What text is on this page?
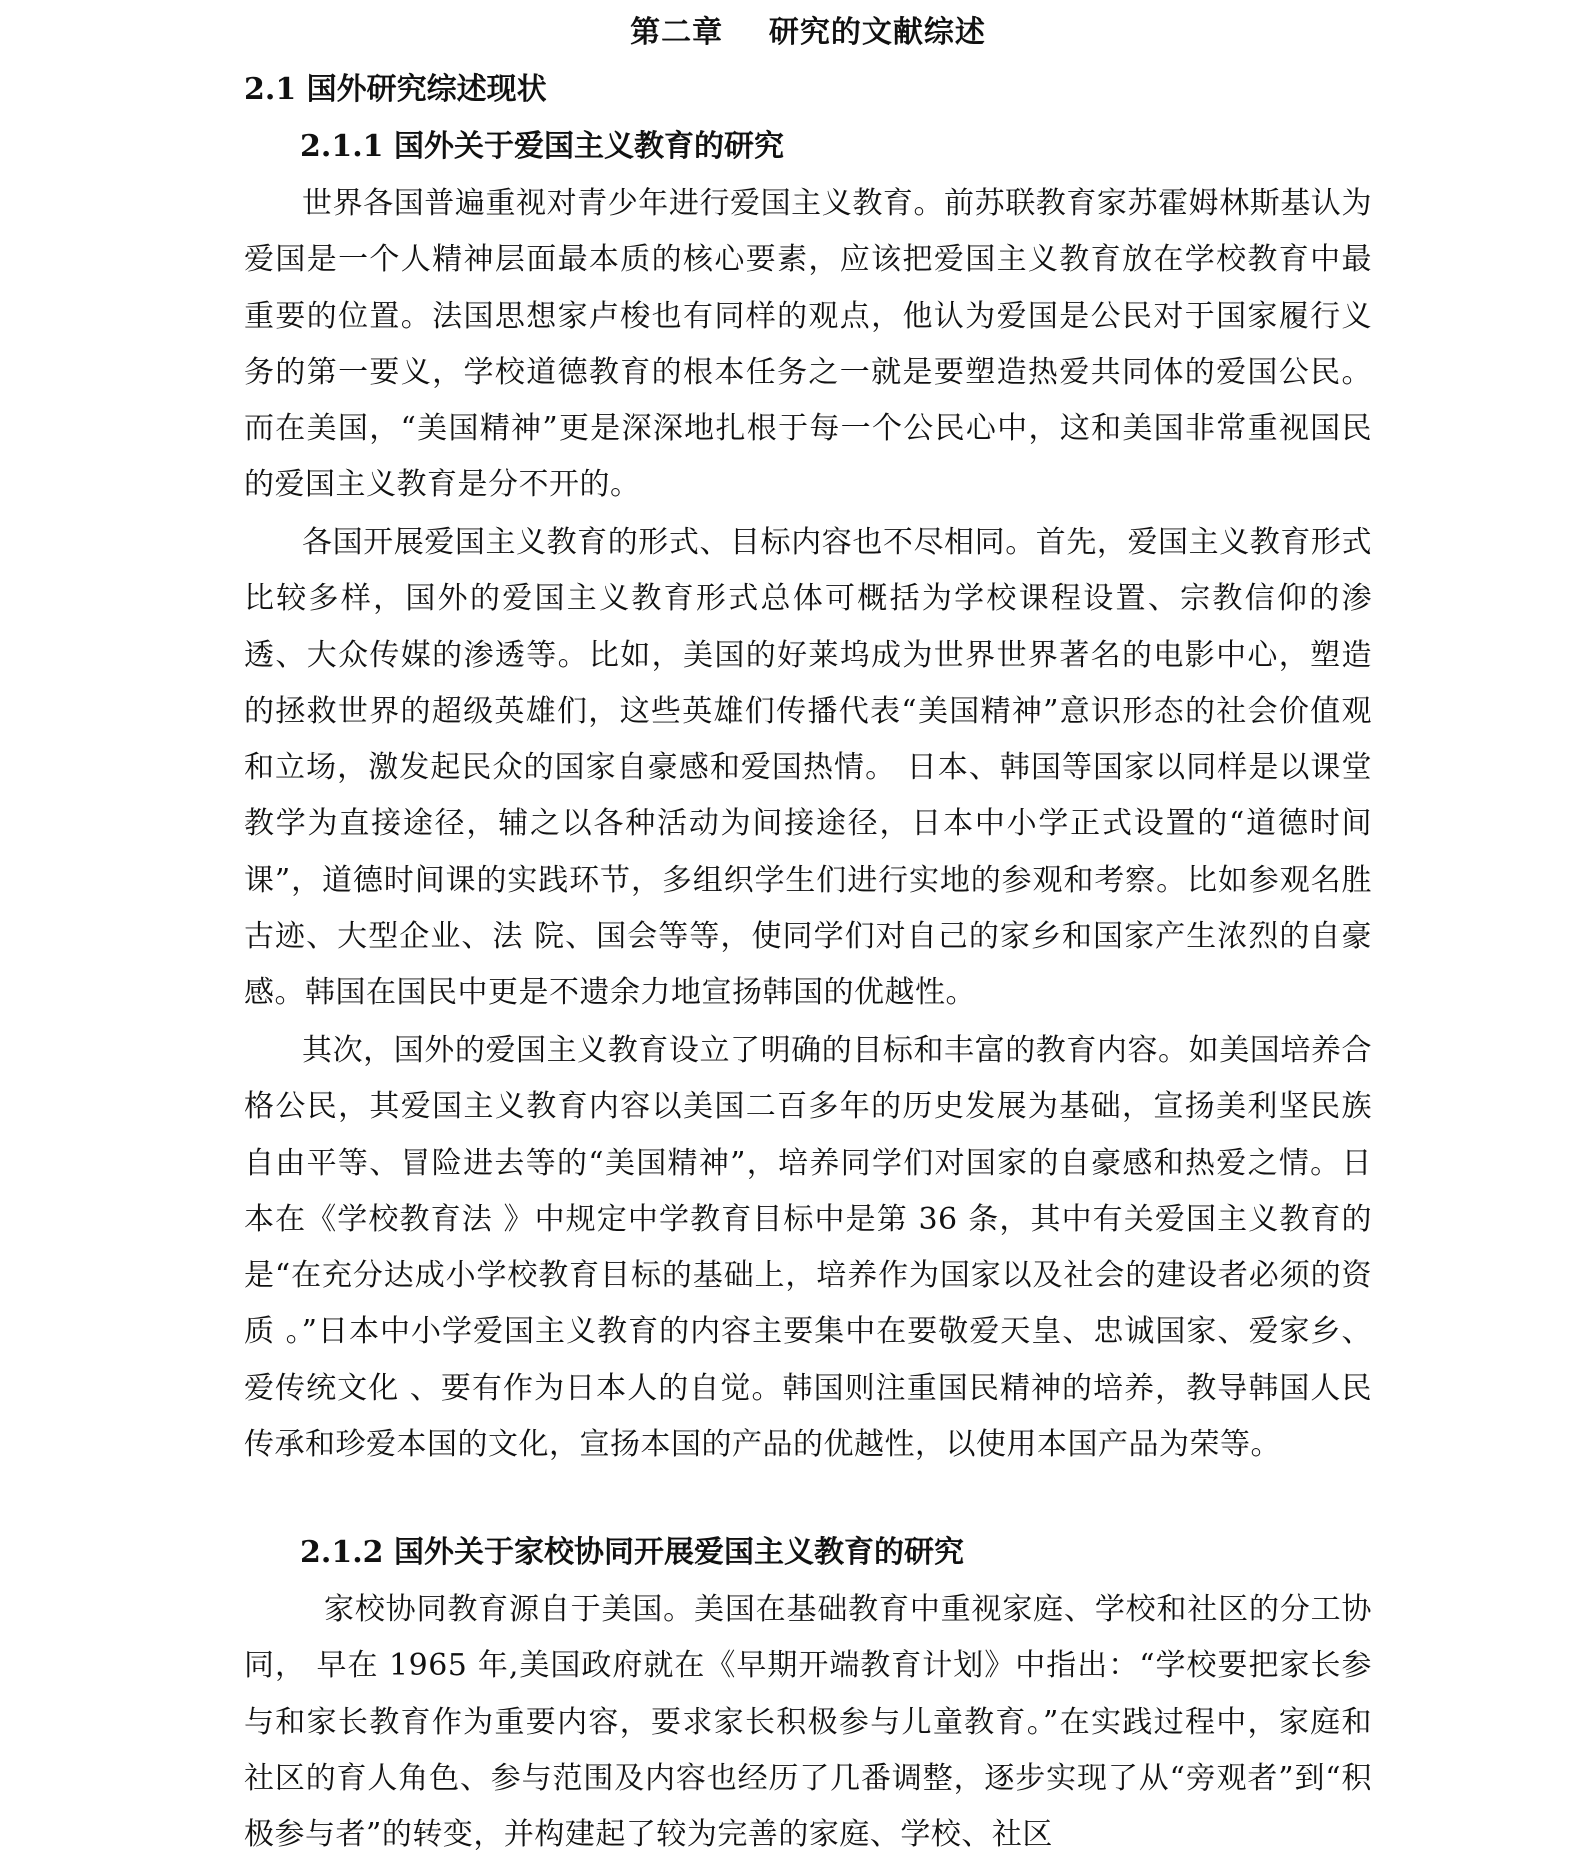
第二章    研究的文献综述
2.1 国外研究综述现状
2.1.1 国外关于爱国主义教育的研究

世界各国普遍重视对青少年进行爱国主义教育。前苏联教育家苏霍姆林斯基认为爱国是一个人精神层面最本质的核心要素，应该把爱国主义教育放在学校教育中最重要的位置。法国思想家卢梭也有同样的观点，他认为爱国是公民对于国家履行义务的第一要义，学校道德教育的根本任务之一就是要塑造热爱共同体的爱国公民。而在美国，“美国精神”更是深深地扎根于每一个公民心中，这和美国非常重视国民的爱国主义教育是分不开的。

各国开展爱国主义教育的形式、目标内容也不尽相同。首先，爱国主义教育形式比较多样，国外的爱国主义教育形式总体可概括为学校课程设置、宗教信仰的渗透、大众传媒的渗透等。比如，美国的好莱坞成为世界世界著名的电影中心，塑造的拯救世界的超级英雄们，这些英雄们传播代表“美国精神”意识形态的社会价值观和立场，激发起民众的国家自豪感和爱国热情。 日本、韩国等国家以同样是以课堂教学为直接途径，辅之以各种活动为间接途径，日本中小学正式设置的“道德时间课”，道德时间课的实践环节，多组织学生们进行实地的参观和考察。比如参观名胜古迹、大型企业、法 院、国会等等，使同学们对自己的家乡和国家产生浓烈的自豪感。韩国在国民中更是不遗余力地宣扬韩国的优越性。

其次，国外的爱国主义教育设立了明确的目标和丰富的教育内容。如美国培养合格公民，其爱国主义教育内容以美国二百多年的历史发展为基础，宣扬美利坚民族自由平等、冒险进去等的“美国精神”，培养同学们对国家的自豪感和热爱之情。日本在《学校教育法 》中规定中学教育目标中是第 36 条，其中有关爱国主义教育的是“在充分达成小学校教育目标的基础上，培养作为国家以及社会的建设者必须的资质 。”日本中小学爱国主义教育的内容主要集中在要敬爱天皇、忠诚国家、爱家乡、爱传统文化 、要有作为日本人的自觉。韩国则注重国民精神的培养，教导韩国人民传承和珍爱本国的文化，宣扬本国的产品的优越性，以使用本国产品为荣等。

2.1.2 国外关于家校协同开展爱国主义教育的研究

家校协同教育源自于美国。美国在基础教育中重视家庭、学校和社区的分工协同， 早在 1965 年,美国政府就在《早期开端教育计划》中指出：“学校要把家长参与和家长教育作为重要内容，要求家长积极参与儿童教育。”在实践过程中，家庭和社区的育人角色、参与范围及内容也经历了几番调整，逐步实现了从“旁观者”到“积极参与者”的转变，并构建起了较为完善的家庭、学校、社区
